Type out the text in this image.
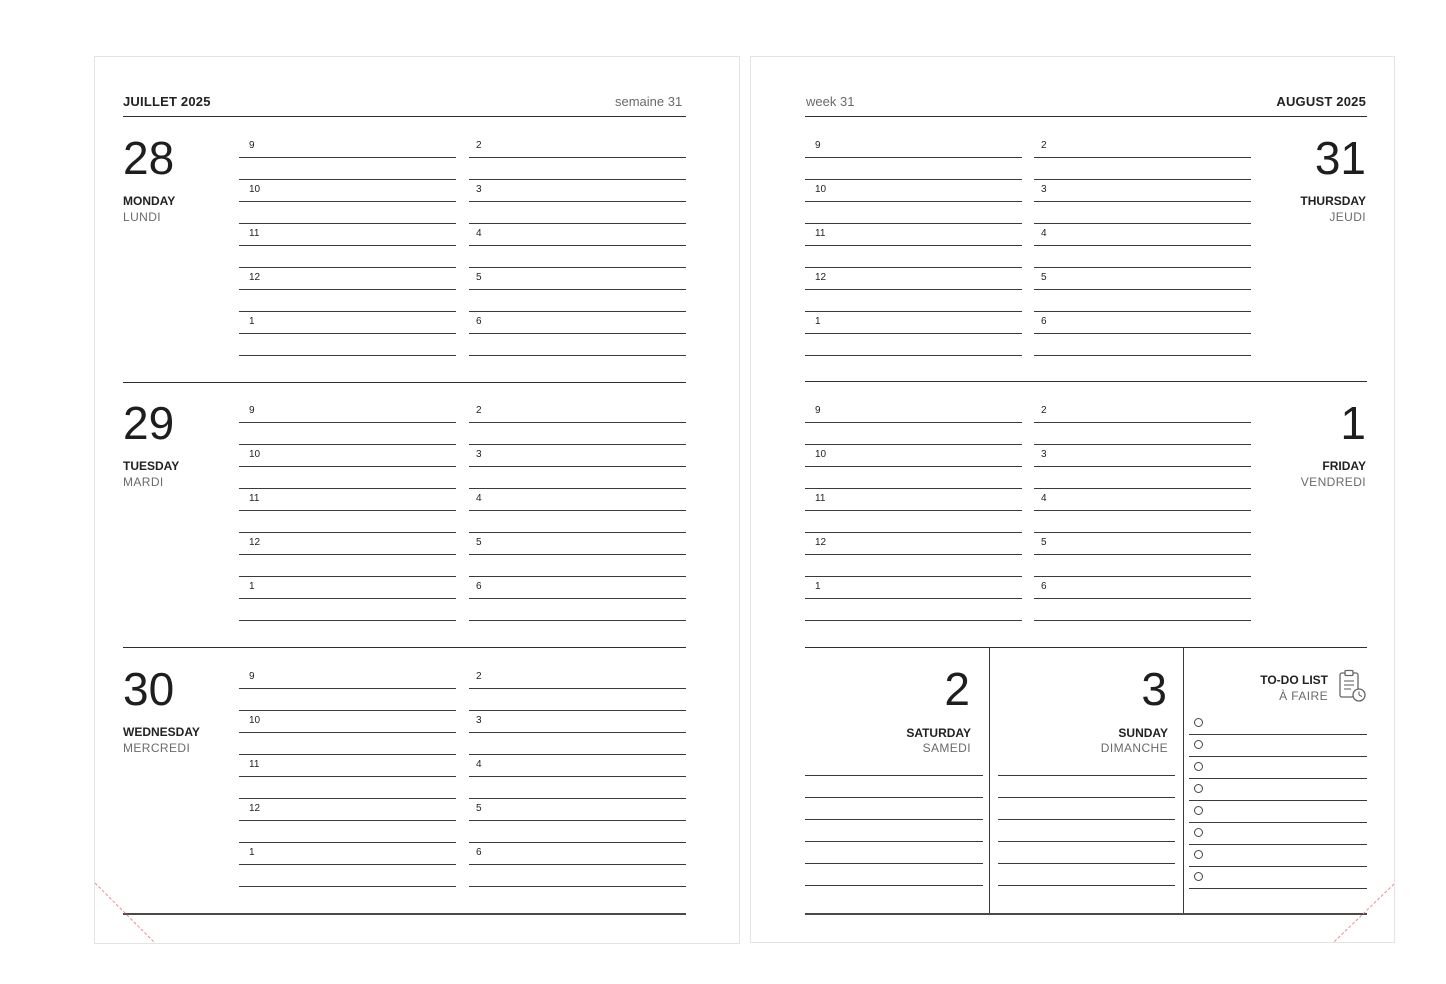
JUILLET 2025	semaine 31
28
MONDAY
LUNDI
9	2
10	3
11	4
12	5
1	6
29
TUESDAY
MARDI
9	2
10	3
11	4
12	5
1	6
30
WEDNESDAY
MERCREDI
9	2
10	3
11	4
12	5
1	6
week 31	AUGUST 2025
31
THURSDAY
JEUDI
9	2
10	3
11	4
12	5
1	6
1
FRIDAY
VENDREDI
9	2
10	3
11	4
12	5
1	6
2
SATURDAY
SAMEDI
3
SUNDAY
DIMANCHE
TO-DO LIST
À FAIRE
